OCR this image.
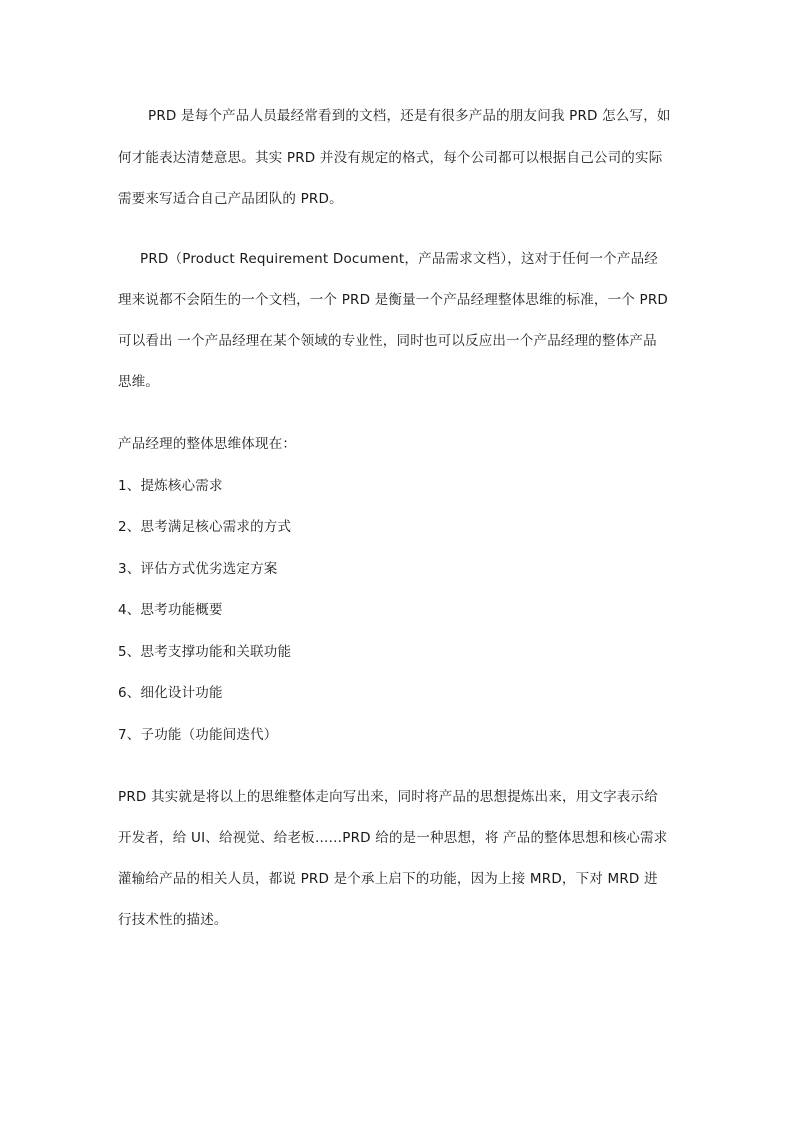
PRD 是每个产品人员最经常看到的文档，还是有很多产品的朋友问我 PRD 怎么写，如
何才能表达清楚意思。其实 PRD 并没有规定的格式，每个公司都可以根据自己公司的实际
需要来写适合自己产品团队的 PRD。
PRD（Product Requirement Document，产品需求文档），这对于任何一个产品经
理来说都不会陌生的一个文档，一个 PRD 是衡量一个产品经理整体思维的标准，一个 PRD
可以看出 一个产品经理在某个领域的专业性，同时也可以反应出一个产品经理的整体产品
思维。
产品经理的整体思维体现在：
1、提炼核心需求
2、思考满足核心需求的方式
3、评估方式优劣选定方案
4、思考功能概要
5、思考支撑功能和关联功能
6、细化设计功能
7、子功能（功能间迭代）
PRD 其实就是将以上的思维整体走向写出来，同时将产品的思想提炼出来，用文字表示给
开发者，给 UI、给视觉、给老板……PRD 给的是一种思想，将 产品的整体思想和核心需求
灌输给产品的相关人员，都说 PRD 是个承上启下的功能，因为上接 MRD，下对 MRD 进
行技术性的描述。
